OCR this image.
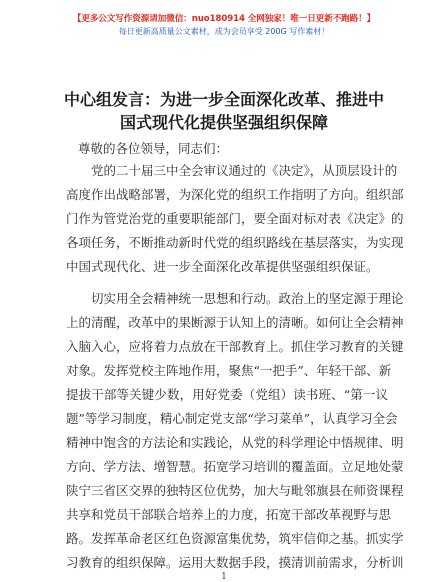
【更多公文写作资源请加微信：nuo180914 全网独家！唯一日更新不跑路！】
每日更新高质量公文素材，成为会员享受 200G 写作素材！
中心组发言：为进一步全面深化改革、推进中
国式现代化提供坚强组织保障
尊敬的各位领导，同志们：
党的二十届三中全会审议通过的《决定》，从顶层设计的
高度作出战略部署，为深化党的组织工作指明了方向。组织部
门作为管党治党的重要职能部门，要全面对标对表《决定》的
各项任务，不断推动新时代党的组织路线在基层落实，为实现
中国式现代化、进一步全面深化改革提供坚强组织保证。
切实用全会精神统一思想和行动。政治上的坚定源于理论
上的清醒，改革中的果断源于认知上的清晰。如何让全会精神
入脑入心，应将着力点放在干部教育上。抓住学习教育的关键
对象。发挥党校主阵地作用，聚焦“一把手”、年轻干部、新
提拔干部等关键少数，用好党委（党组）读书班、“第一议
题”等学习制度，精心制定党支部“学习菜单”，认真学习全会
精神中饱含的方法论和实践论，从党的科学理论中悟规律、明
方向、学方法、增智慧。拓宽学习培训的覆盖面。立足地处蒙
陕宁三省区交界的独特区位优势，加大与毗邻旗县在师资课程
共享和党员干部联合培养上的力度，拓宽干部改革视野与思
路。发挥革命老区红色资源富集优势，筑牢信仰之基。抓实学
习教育的组织保障。运用大数据手段，摸清训前需求，分析训
1
